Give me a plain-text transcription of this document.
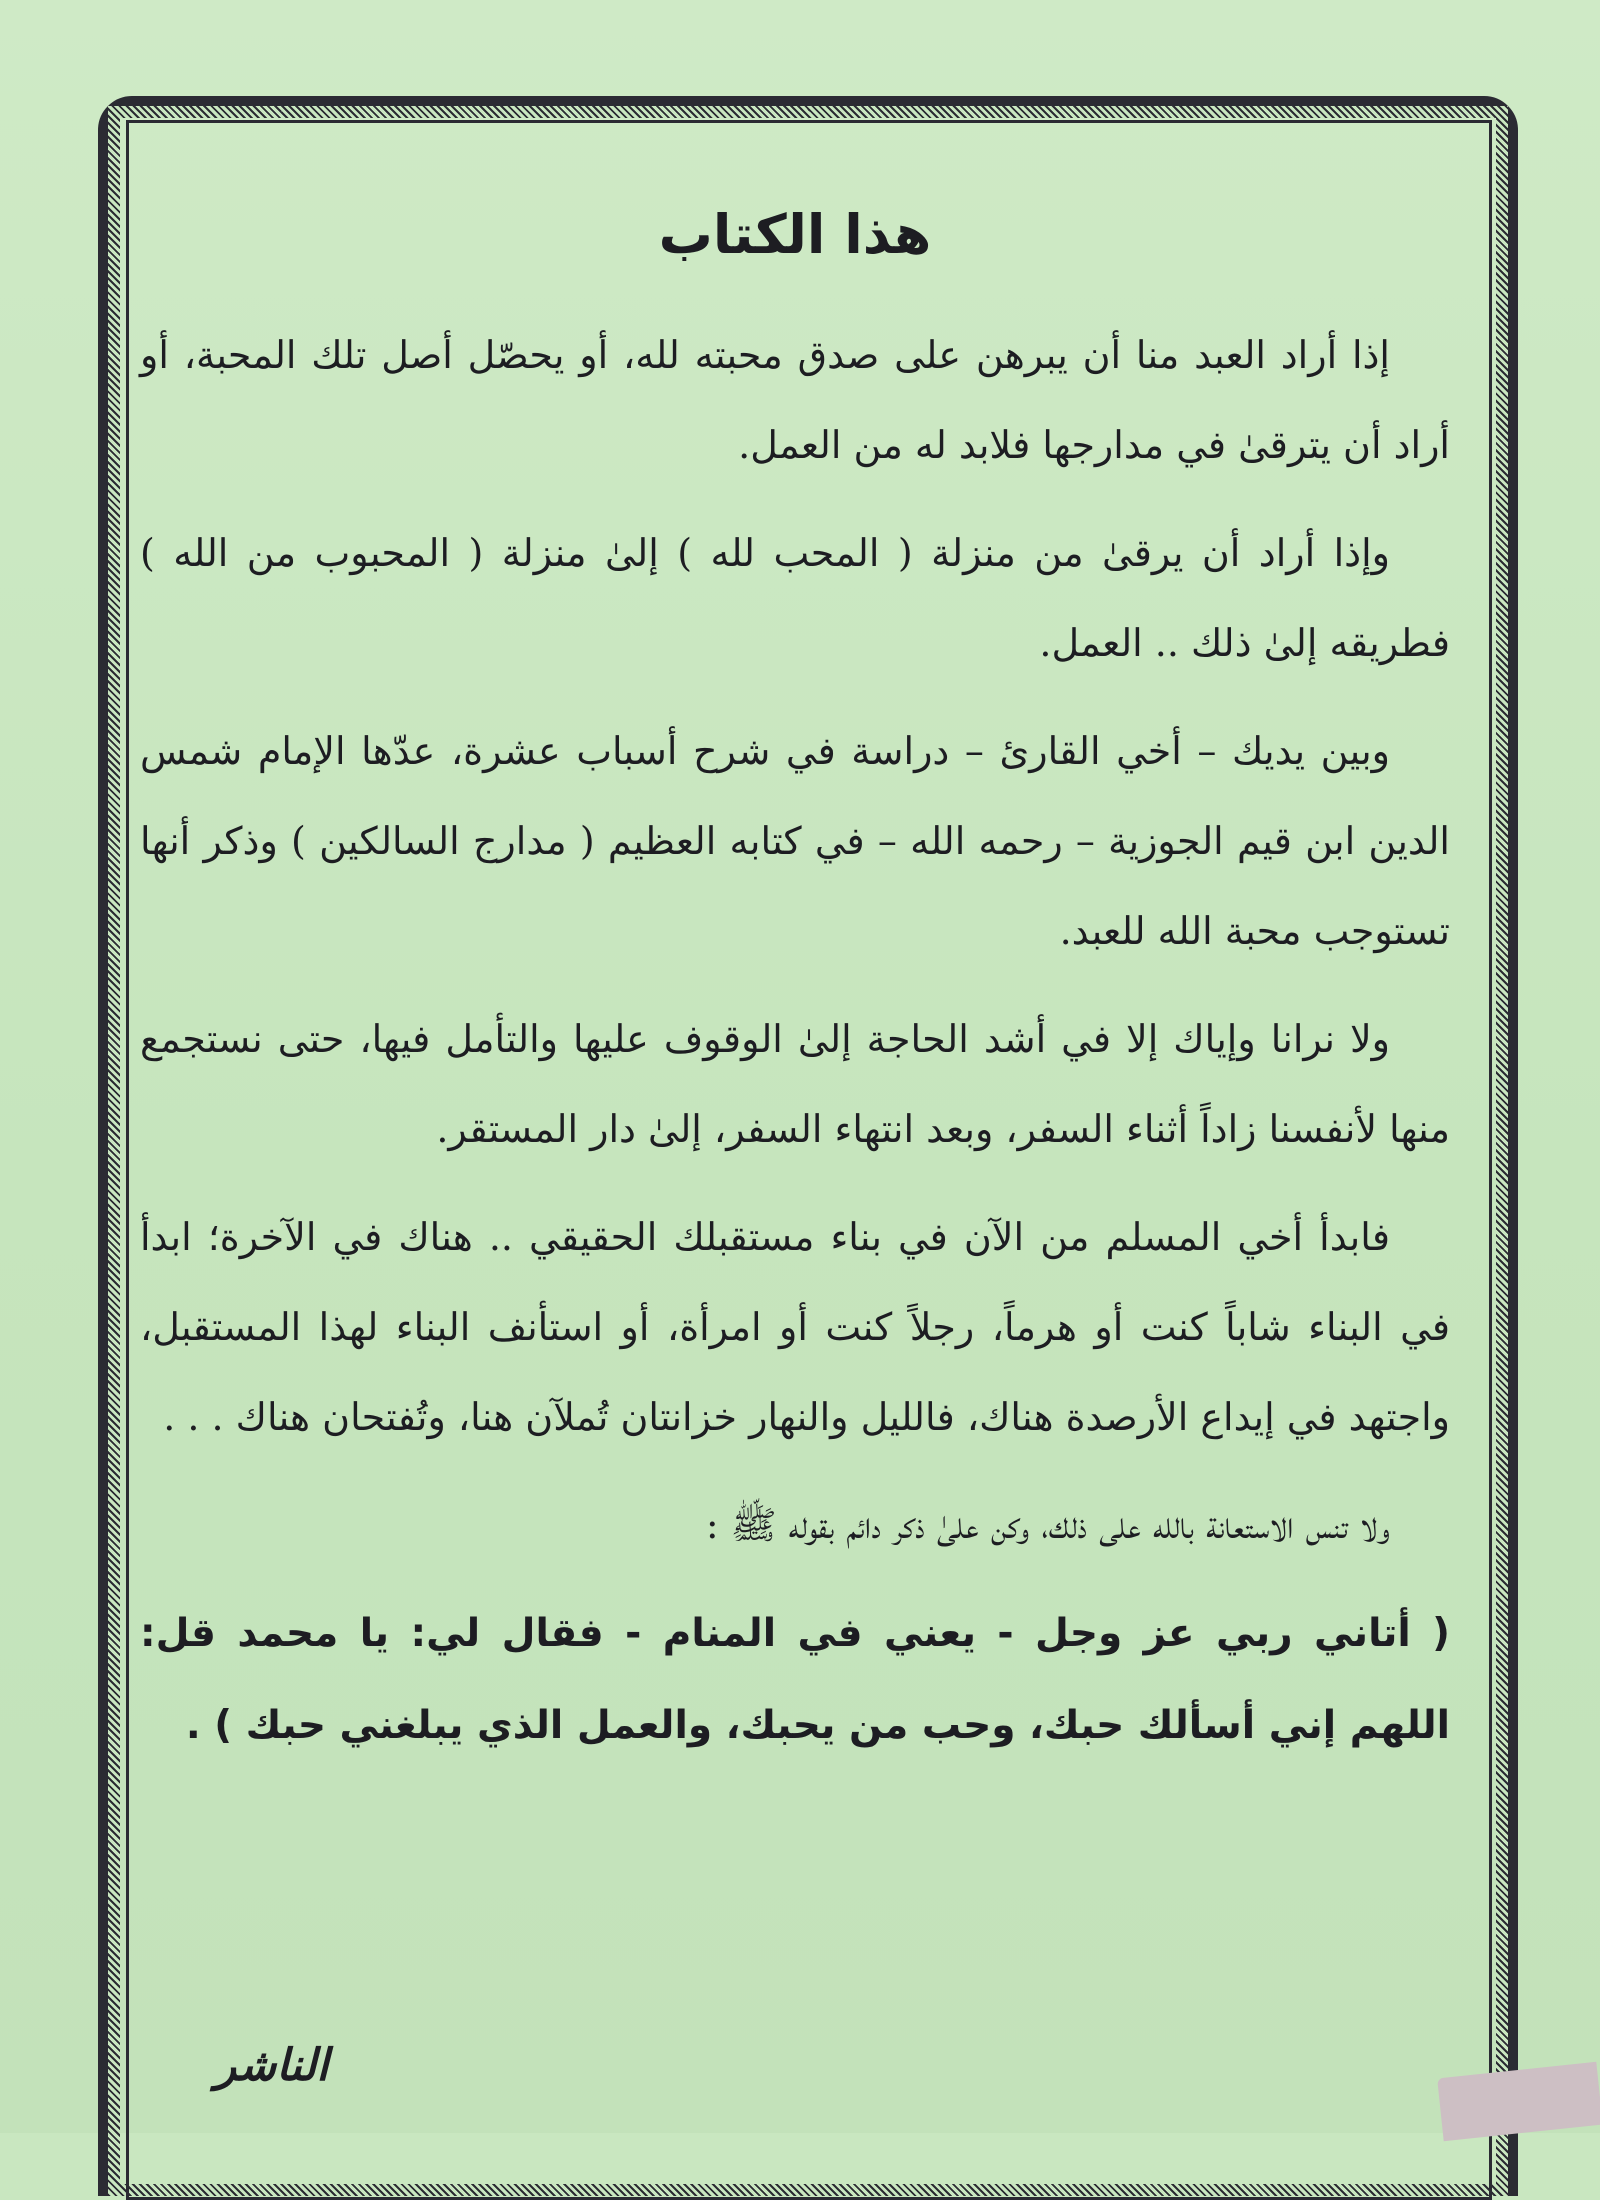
هذا الكتاب

إذا أراد العبد منا أن يبرهن على صدق محبته لله، أو يحصّل أصل تلك المحبة، أو أراد أن يترقىٰ في مدارجها فلابد له من العمل.

وإذا أراد أن يرقىٰ من منزلة ( المحب لله ) إلىٰ منزلة ( المحبوب من الله ) فطريقه إلىٰ ذلك .. العمل.

وبين يديك – أخي القارئ – دراسة في شرح أسباب عشرة، عدّها الإمام شمس الدين ابن قيم الجوزية – رحمه الله – في كتابه العظيم ( مدارج السالكين ) وذكر أنها تستوجب محبة الله للعبد.

ولا نرانا وإياك إلا في أشد الحاجة إلىٰ الوقوف عليها والتأمل فيها، حتى نستجمع منها لأنفسنا زاداً أثناء السفر، وبعد انتهاء السفر، إلىٰ دار المستقر.

فابدأ أخي المسلم من الآن في بناء مستقبلك الحقيقي .. هناك في الآخرة؛ ابدأ في البناء شاباً كنت أو هرماً، رجلاً كنت أو امرأة، أو استأنف البناء لهذا المستقبل، واجتهد في إيداع الأرصدة هناك، فالليل والنهار خزانتان تُملآن هنا، وتُفتحان هناك . . .

ولا تنس الاستعانة بالله على ذلك، وكن علىٰ ذكر دائم بقوله ﷺ :

( أتاني ربي عز وجل - يعني في المنام - فقال لي: يا محمد قل: اللهم إني أسألك حبك، وحب من يحبك، والعمل الذي يبلغني حبك ) .

الناشر
